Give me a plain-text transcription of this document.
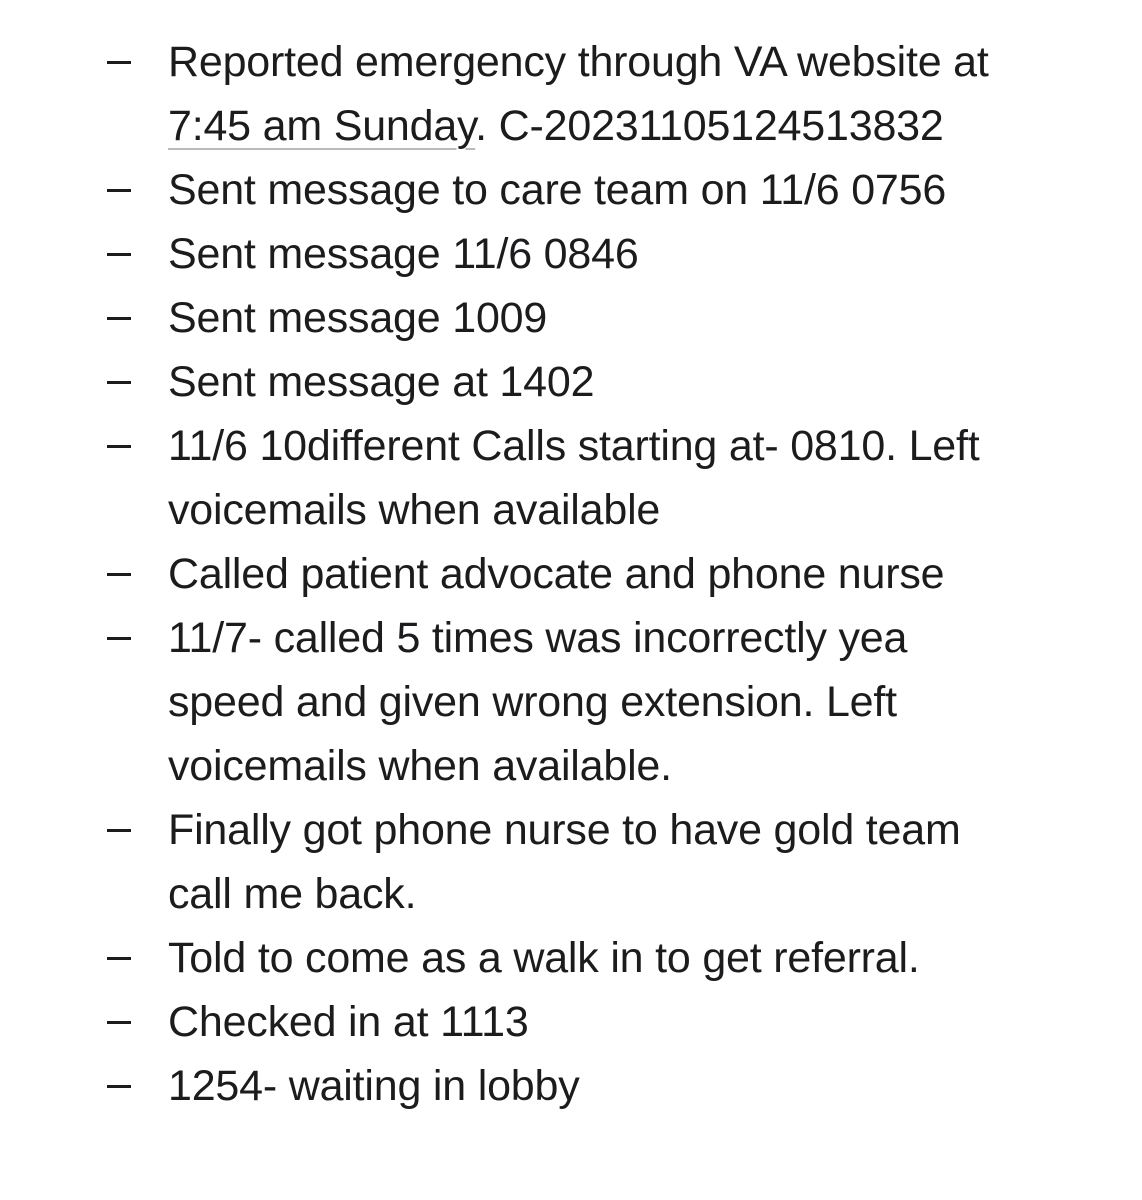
Reported emergency through VA website at
7:45 am Sunday. C-20231105124513832
Sent message to care team on 11/6 0756
Sent message 11/6 0846
Sent message 1009
Sent message at 1402
11/6 10different Calls starting at- 0810. Left
voicemails when available
Called patient advocate and phone nurse
11/7- called 5 times was incorrectly yea
speed and given wrong extension. Left
voicemails when available.
Finally got phone nurse to have gold team
call me back.
Told to come as a walk in to get referral.
Checked in at 1113
1254- waiting in lobby
